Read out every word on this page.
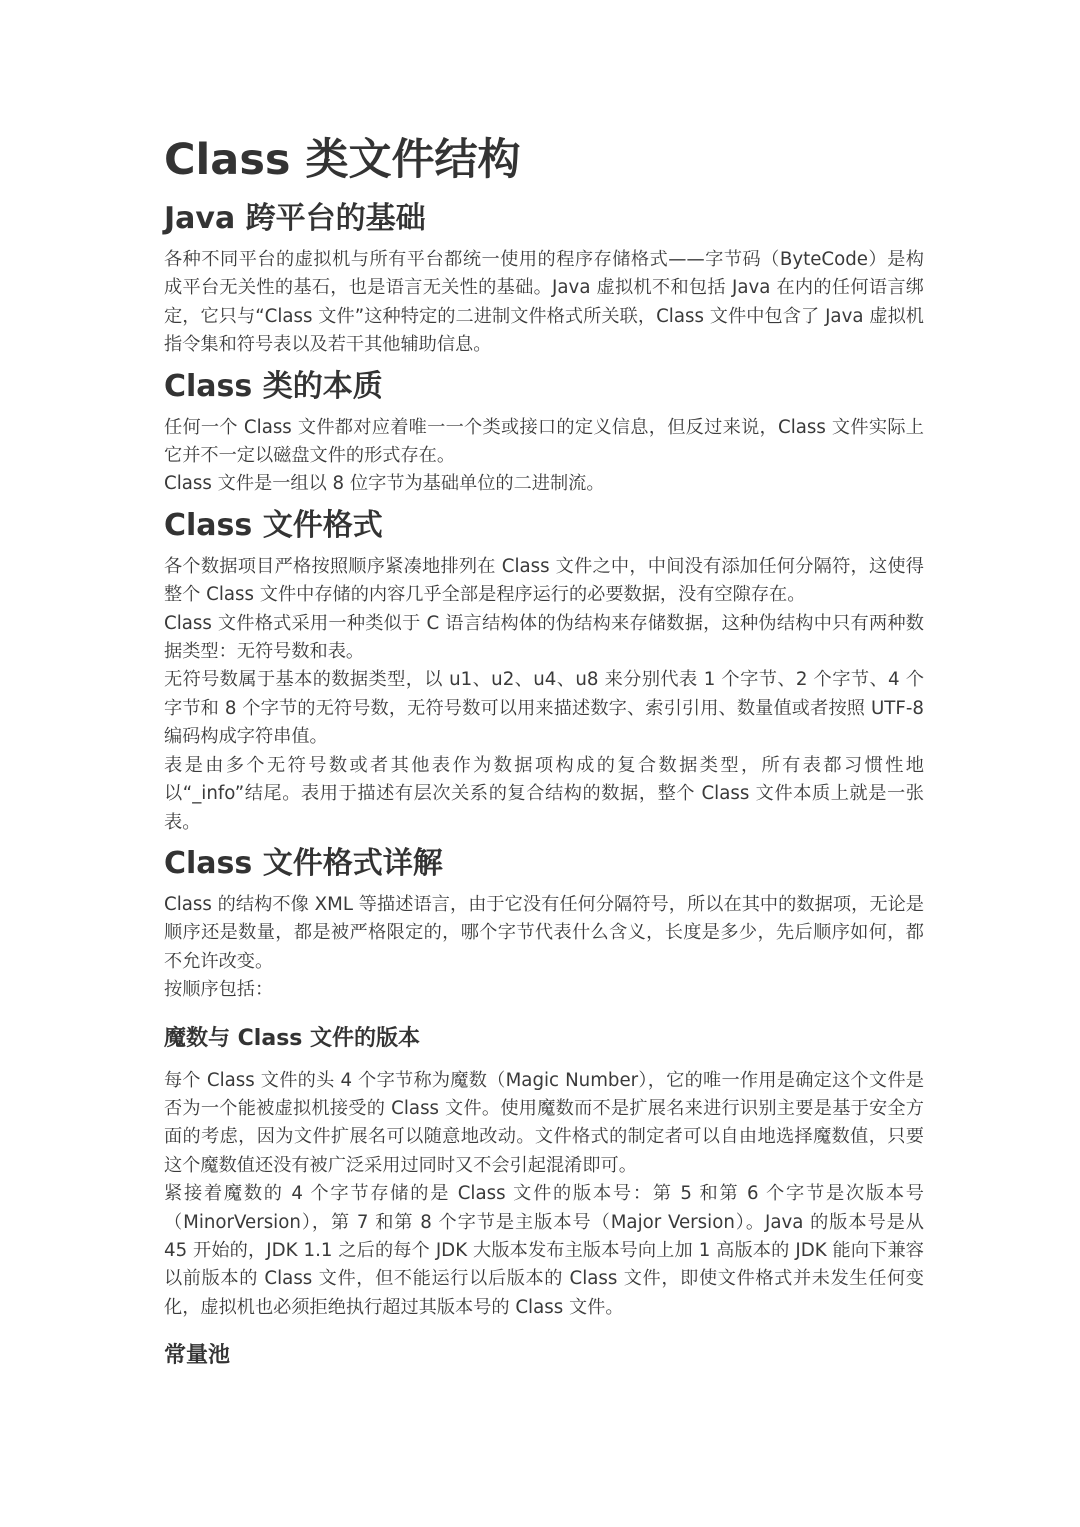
Class 类文件结构
Java 跨平台的基础

各种不同平台的虚拟机与所有平台都统一使用的程序存储格式——字节码（ByteCode）是构成平台无关性的基石，也是语言无关性的基础。Java 虚拟机不和包括 Java 在内的任何语言绑定，它只与“Class 文件”这种特定的二进制文件格式所关联，Class 文件中包含了 Java 虚拟机指令集和符号表以及若干其他辅助信息。

Class 类的本质

任何一个 Class 文件都对应着唯一一个类或接口的定义信息，但反过来说，Class 文件实际上它并不一定以磁盘文件的形式存在。

Class 文件是一组以 8 位字节为基础单位的二进制流。

Class 文件格式

各个数据项目严格按照顺序紧凑地排列在 Class 文件之中，中间没有添加任何分隔符，这使得整个 Class 文件中存储的内容几乎全部是程序运行的必要数据，没有空隙存在。

Class 文件格式采用一种类似于 C 语言结构体的伪结构来存储数据，这种伪结构中只有两种数据类型：无符号数和表。

无符号数属于基本的数据类型，以 u1、u2、u4、u8 来分别代表 1 个字节、2 个字节、4 个字节和 8 个字节的无符号数，无符号数可以用来描述数字、索引引用、数量值或者按照 UTF-8 编码构成字符串值。

表是由多个无符号数或者其他表作为数据项构成的复合数据类型，所有表都习惯性地以“_info”结尾。表用于描述有层次关系的复合结构的数据，整个 Class 文件本质上就是一张表。

Class 文件格式详解

Class 的结构不像 XML 等描述语言，由于它没有任何分隔符号，所以在其中的数据项，无论是顺序还是数量，都是被严格限定的，哪个字节代表什么含义，长度是多少，先后顺序如何，都不允许改变。

按顺序包括：

魔数与 Class 文件的版本

每个 Class 文件的头 4 个字节称为魔数（Magic Number），它的唯一作用是确定这个文件是否为一个能被虚拟机接受的 Class 文件。使用魔数而不是扩展名来进行识别主要是基于安全方面的考虑，因为文件扩展名可以随意地改动。文件格式的制定者可以自由地选择魔数值，只要这个魔数值还没有被广泛采用过同时又不会引起混淆即可。

紧接着魔数的 4 个字节存储的是 Class 文件的版本号：第 5 和第 6 个字节是次版本号（MinorVersion），第 7 和第 8 个字节是主版本号（Major Version）。Java 的版本号是从 45 开始的，JDK 1.1 之后的每个 JDK 大版本发布主版本号向上加 1 高版本的 JDK 能向下兼容以前版本的 Class 文件，但不能运行以后版本的 Class 文件，即使文件格式并未发生任何变化，虚拟机也必须拒绝执行超过其版本号的 Class 文件。

常量池
